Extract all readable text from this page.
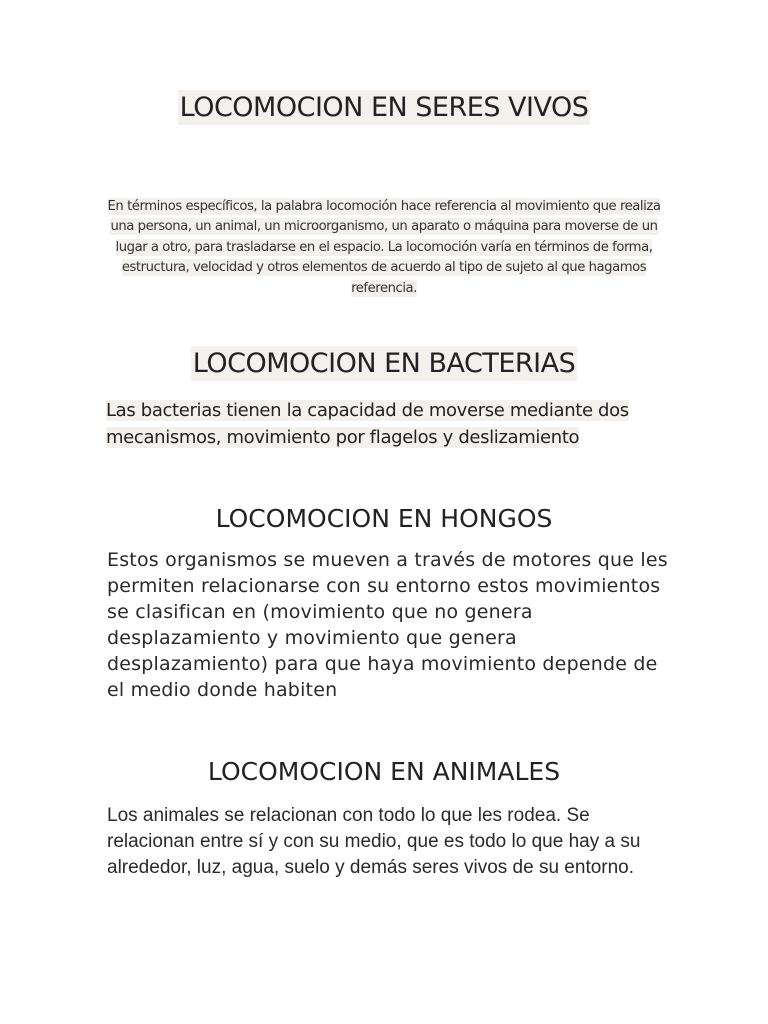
LOCOMOCION EN SERES VIVOS
En términos específicos, la palabra locomoción hace referencia al movimiento que realiza una persona, un animal, un microorganismo, un aparato o máquina para moverse de un lugar a otro, para trasladarse en el espacio. La locomoción varía en términos de forma, estructura, velocidad y otros elementos de acuerdo al tipo de sujeto al que hagamos referencia.
LOCOMOCION EN BACTERIAS
Las bacterias tienen la capacidad de moverse mediante dos mecanismos, movimiento por flagelos y deslizamiento
LOCOMOCION EN HONGOS
Estos organismos se mueven a través de motores que les permiten relacionarse con su entorno estos movimientos se clasifican en (movimiento que no genera desplazamiento y movimiento que genera desplazamiento) para que haya movimiento depende de el medio donde habiten
LOCOMOCION EN ANIMALES
Los animales se relacionan con todo lo que les rodea. Se relacionan entre sí y con su medio, que es todo lo que hay a su alrededor, luz, agua, suelo y demás seres vivos de su entorno.
